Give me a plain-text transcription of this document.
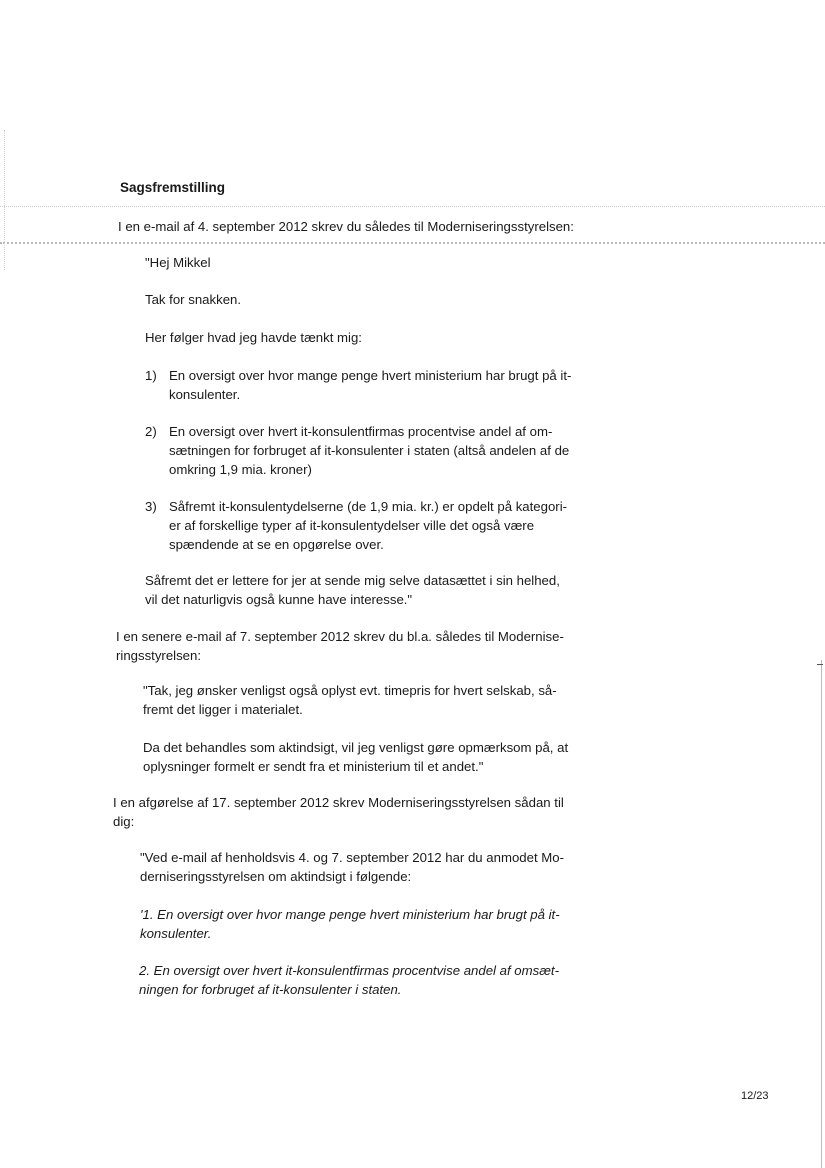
Sagsfremstilling
I en e-mail af 4. september 2012 skrev du således til Moderniseringsstyrelsen:
"Hej Mikkel
Tak for snakken.
Her følger hvad jeg havde tænkt mig:
1) En oversigt over hvor mange penge hvert ministerium har brugt på it-
konsulenter.
2) En oversigt over hvert it-konsulentfirmas procentvise andel af om-
sætningen for forbruget af it-konsulenter i staten (altså andelen af de
omkring 1,9 mia. kroner)
3) Såfremt it-konsulentydelserne (de 1,9 mia. kr.) er opdelt på kategori-
er af forskellige typer af it-konsulentydelser ville det også være
spændende at se en opgørelse over.
Såfremt det er lettere for jer at sende mig selve datasættet i sin helhed,
vil det naturligvis også kunne have interesse."
I en senere e-mail af 7. september 2012 skrev du bl.a. således til Modernise-
ringsstyrelsen:
"Tak, jeg ønsker venligst også oplyst evt. timepris for hvert selskab, så-
fremt det ligger i materialet.
Da det behandles som aktindsigt, vil jeg venligst gøre opmærksom på, at
oplysninger formelt er sendt fra et ministerium til et andet."
I en afgørelse af 17. september 2012 skrev Moderniseringsstyrelsen sådan til
dig:
"Ved e-mail af henholdsvis 4. og 7. september 2012 har du anmodet Mo-
derniseringsstyrelsen om aktindsigt i følgende:
'1. En oversigt over hvor mange penge hvert ministerium har brugt på it-
konsulenter.
2. En oversigt over hvert it-konsulentfirmas procentvise andel af omsæt-
ningen for forbruget af it-konsulenter i staten.
12/23
